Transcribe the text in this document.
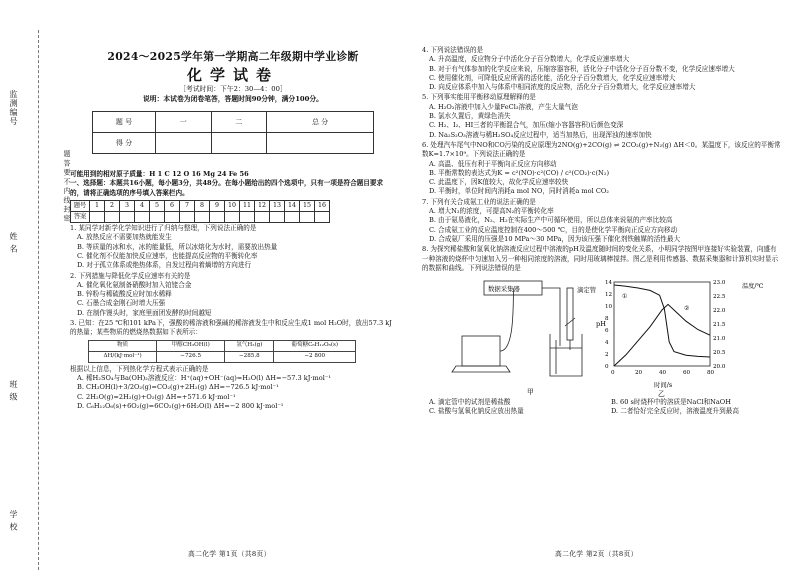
监测编号
姓 名
班 级
学 校
题 答 要 不 内 线 封 密
2024～2025学年第一学期高二年级期中学业诊断
化学试卷
［考试时间：下午2：30—4：00］
说明：本试卷为闭卷笔答，答题时间90分钟，满分100分。
题 号	一	二	总 分
得 分			

可能用到的相对原子质量：H 1 C 12 O 16 Mg 24 Fe 56

一、选择题：本题共16小题，每小题3分，共48分。在每小题给出的四个选项中，只有一项是符合题目要求的，请将正确选项的序号填入答案栏内。

题号	1	2	3	4	5	6	7	8	9	10	11	12	13	14	15	16
答案																

1. 某同学对新学化学知识进行了归纳与整理，下列说法正确的是

A. 放热反应不需要加热就能发生

B. 等质量的冰和水，冰的能量低，所以冰熔化为水时，需要放出热量

C. 催化剂不仅能加快反应速率，也能提高反应物的平衡转化率

D. 对于孤立体系或绝热体系，自发过程向着熵增的方向进行

2. 下列措施与降低化学反应速率有关的是

A. 催化氧化氨制备硝酸时加入铂铑合金

B. 锌粉与稀硫酸反应时加水稀释

C. 石墨合成金刚石时增大压强

D. 在制作馒头时，家庭里面团发酵的时间越短

3. 已知：在25 ℃和101 kPa下，强酸的稀溶液和强碱的稀溶液发生中和反应生成1 mol H₂O时，放出57.3 kJ的热量；某些物质的燃烧热数据如下表所示：

物质	甲醇CH₃OH(l)	氢气H₂(g)	葡萄糖C₆H₁₂O₆(s)
ΔH/(kJ·mol⁻¹)	−726.5	−285.8	−2 800

根据以上信息，下列热化学方程式表示正确的是

A. 稀H₂SO₄与Ba(OH)₂溶液反应：H⁺(aq)+OH⁻(aq)=H₂O(l) ΔH=−57.3 kJ·mol⁻¹

B. CH₃OH(l)+3/2O₂(g)=CO₂(g)+2H₂(g) ΔH=−726.5 kJ·mol⁻¹

C. 2H₂O(g)=2H₂(g)+O₂(g) ΔH=+571.6 kJ·mol⁻¹

D. C₆H₁₂O₆(s)+6O₂(g)=6CO₂(g)+6H₂O(l) ΔH=−2 800 kJ·mol⁻¹

高二化学 第1页（共8页）

4. 下列说法错误的是

A. 升高温度，反应物分子中活化分子百分数增大，化学反应速率增大

B. 对于有气体参加的化学反应来说，压缩容器容积，活化分子中活化分子百分数不变，化学反应速率增大

C. 使用催化剂，可降低反应所需的活化能，活化分子百分数增大，化学反应速率增大

D. 向反应体系中加入与体系中相同浓度的反应物，活化分子百分数增大，化学反应速率增大

5. 下列事实能用平衡移动原理解释的是

A. H₂O₂溶液中加入少量FeCl₃溶液，产生大量气泡

B. 氯水久置后，黄绿色消失

C. H₂、I₂、HI三者的平衡混合气，加压(缩小容器容积)后颜色变深

D. Na₂S₂O₃溶液与稀H₂SO₄反应过程中，适当加热后，出现浑浊的速率加快

6. 处理汽车尾气中NO和CO污染的反应原理为2NO(g)+2CO(g) ⇌ 2CO₂(g)+N₂(g) ΔH＜0。某温度下，该反应的平衡常数K=1.7×10⁹。下列说法正确的是

A. 高温、低压有利于平衡向正反应方向移动

B. 平衡常数的表达式为K = c²(NO)·c²(CO) / c²(CO₂)·c(N₂)

C. 此温度下，因K值较大，故化学反应速率较快

D. 平衡时，单位时间内消耗a mol NO，同时消耗a mol CO₂

7. 下列有关合成氨工业的说法正确的是

A. 增大N₂的浓度，可提高N₂的平衡转化率

B. 由于氨易液化，N₂、H₂在实际生产中可循环使用，所以总体来说氨的产率比较高

C. 合成氨工业的反应温度控制在400～500 ℃，目的是使化学平衡向正反应方向移动

D. 合成氨厂采用的压强是10 MPa～30 MPa，因为该压强下催化剂铁触媒的活性最大

8. 为探究稀盐酸和氢氧化钠溶液反应过程中溶液的pH及温度随时间的变化关系，小明同学按图甲连接好实验装置，向盛有一种溶液的烧杯中匀速加入另一种相同浓度的溶液，同时用玻璃棒搅拌。图乙是利用传感器、数据采集器和计算机实时显示的数据和曲线。下列说法错误的是

数据采集器	滴定管
甲
0	20	40	60	80
0
2
4
6
8
10
12
14
20.0
20.5
21.0
21.5
22.0
22.5
23.0
pH
温度/℃
时间/s
乙
①
②

A. 滴定管中的试剂是稀盐酸	B. 60 s时烧杯中的溶质是NaCl和NaOH

C. 盐酸与氢氧化钠反应放出热量	D. 二者恰好完全反应时，溶液温度升到最高

高二化学 第2页（共8页）
